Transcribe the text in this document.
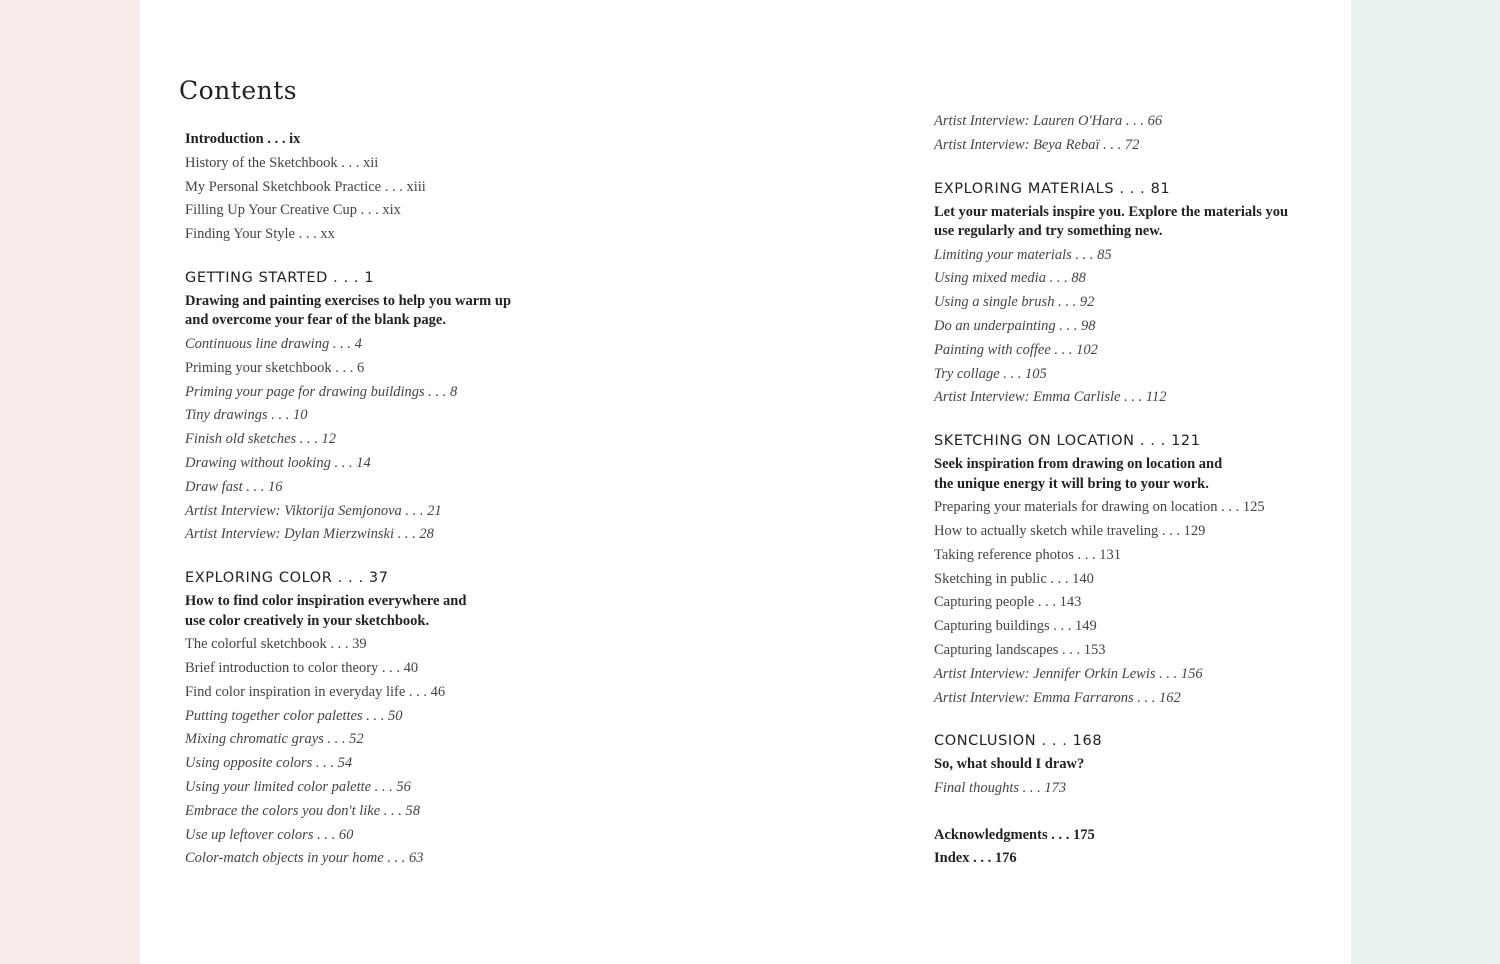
Contents
Introduction . . . ix
History of the Sketchbook . . . xii
My Personal Sketchbook Practice . . . xiii
Filling Up Your Creative Cup . . . xix
Finding Your Style . . . xx
GETTING STARTED . . . 1
Drawing and painting exercises to help you warm up and overcome your fear of the blank page.
Continuous line drawing . . . 4
Priming your sketchbook . . . 6
Priming your page for drawing buildings . . . 8
Tiny drawings . . . 10
Finish old sketches . . . 12
Drawing without looking . . . 14
Draw fast . . . 16
Artist Interview: Viktorija Semjonova . . . 21
Artist Interview: Dylan Mierzwinski . . . 28
EXPLORING COLOR . . . 37
How to find color inspiration everywhere and use color creatively in your sketchbook.
The colorful sketchbook . . . 39
Brief introduction to color theory . . . 40
Find color inspiration in everyday life . . . 46
Putting together color palettes . . . 50
Mixing chromatic grays . . . 52
Using opposite colors . . . 54
Using your limited color palette . . . 56
Embrace the colors you don't like . . . 58
Use up leftover colors . . . 60
Color-match objects in your home . . . 63
Artist Interview: Lauren O'Hara . . . 66
Artist Interview: Beya Rebaï . . . 72
EXPLORING MATERIALS . . . 81
Let your materials inspire you. Explore the materials you use regularly and try something new.
Limiting your materials . . . 85
Using mixed media . . . 88
Using a single brush . . . 92
Do an underpainting . . . 98
Painting with coffee . . . 102
Try collage . . . 105
Artist Interview: Emma Carlisle . . . 112
SKETCHING ON LOCATION . . . 121
Seek inspiration from drawing on location and the unique energy it will bring to your work.
Preparing your materials for drawing on location . . . 125
How to actually sketch while traveling . . . 129
Taking reference photos . . . 131
Sketching in public . . . 140
Capturing people . . . 143
Capturing buildings . . . 149
Capturing landscapes . . . 153
Artist Interview: Jennifer Orkin Lewis . . . 156
Artist Interview: Emma Farrarons . . . 162
CONCLUSION . . . 168
So, what should I draw?
Final thoughts . . . 173
Acknowledgments . . . 175
Index . . . 176
